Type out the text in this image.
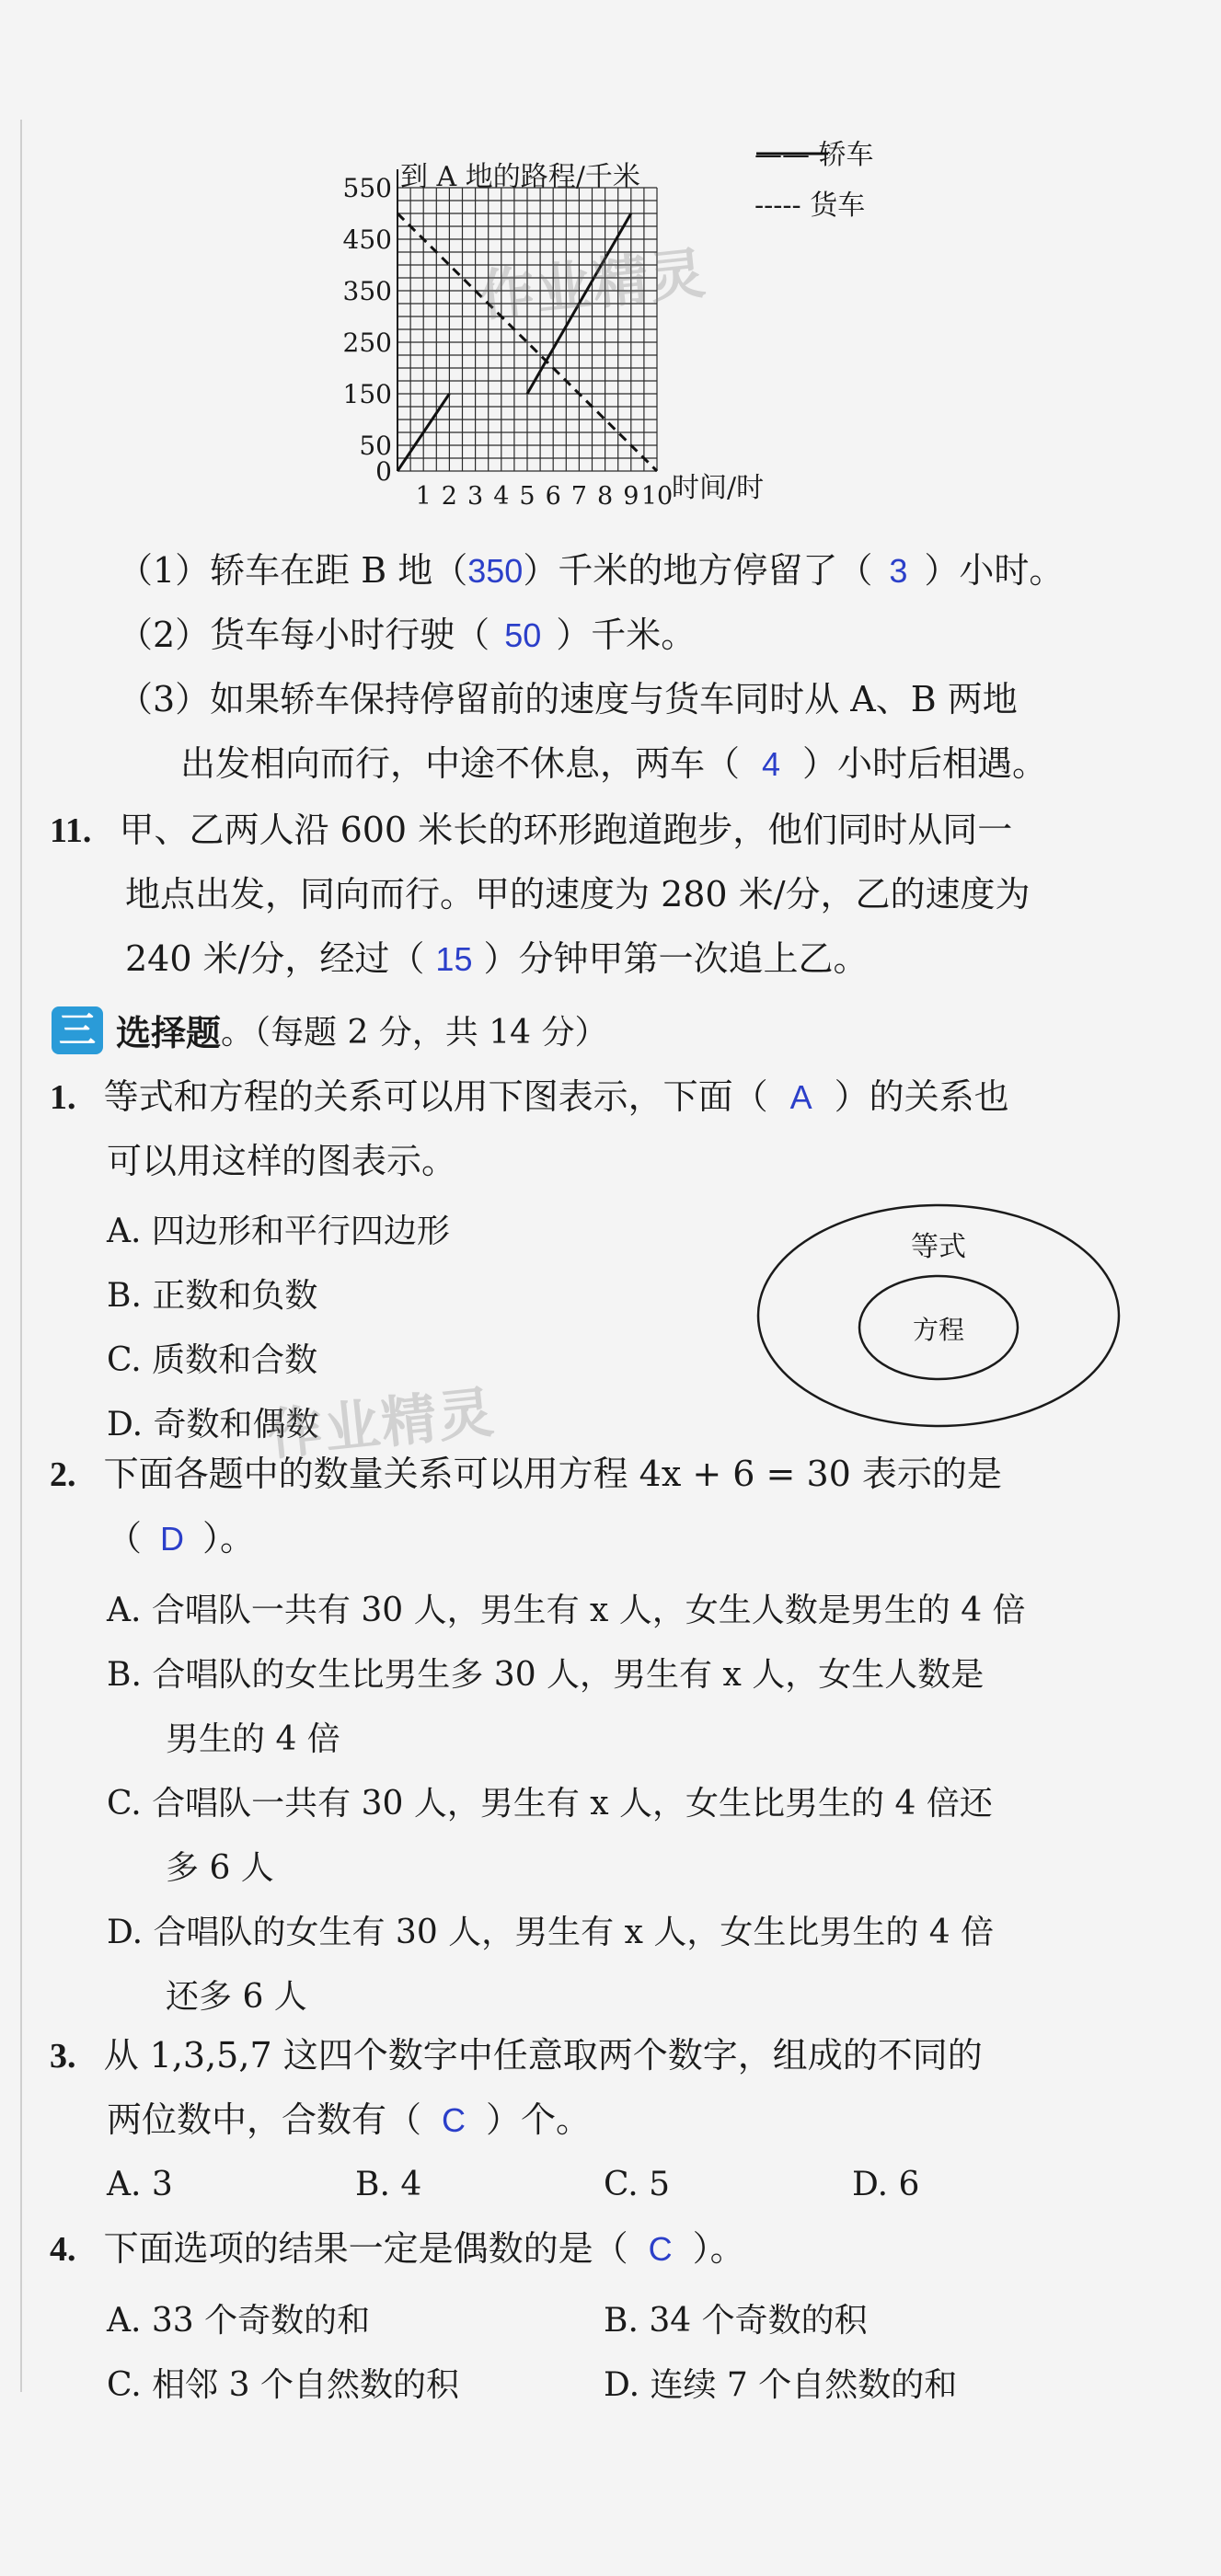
到 A 地的路程/千米
—— 轿车
----- 货车
时间/时
0
50
150
250
350
450
550
1 2 3 4 5 6 7 8 9 10
（1）轿车在距 B 地（350）千米的地方停留了（ 3 ）小时。
（2）货车每小时行驶（ 50 ）千米。
（3）如果轿车保持停留前的速度与货车同时从 A、B 两地
出发相向而行，中途不休息，两车（ 4 ）小时后相遇。
11. 甲、乙两人沿 600 米长的环形跑道跑步，他们同时从同一
地点出发，同向而行。甲的速度为 280 米/分，乙的速度为
240 米/分，经过（ 15 ）分钟甲第一次追上乙。
三 选择题。（每题 2 分，共 14 分）
1. 等式和方程的关系可以用下图表示，下面（ A ）的关系也
可以用这样的图表示。
A. 四边形和平行四边形
B. 正数和负数
C. 质数和合数
D. 奇数和偶数
等式
方程
2. 下面各题中的数量关系可以用方程 4x + 6 = 30 表示的是
（ D ）。
A. 合唱队一共有 30 人，男生有 x 人，女生人数是男生的 4 倍
B. 合唱队的女生比男生多 30 人，男生有 x 人，女生人数是
男生的 4 倍
C. 合唱队一共有 30 人，男生有 x 人，女生比男生的 4 倍还
多 6 人
D. 合唱队的女生有 30 人，男生有 x 人，女生比男生的 4 倍
还多 6 人
3. 从 1,3,5,7 这四个数字中任意取两个数字，组成的不同的
两位数中，合数有（ C ）个。
A. 3	B. 4	C. 5	D. 6
4. 下面选项的结果一定是偶数的是（ C ）。
A. 33 个奇数的和	B. 34 个奇数的积
C. 相邻 3 个自然数的积	D. 连续 7 个自然数的和
作业精灵
作业精灵
